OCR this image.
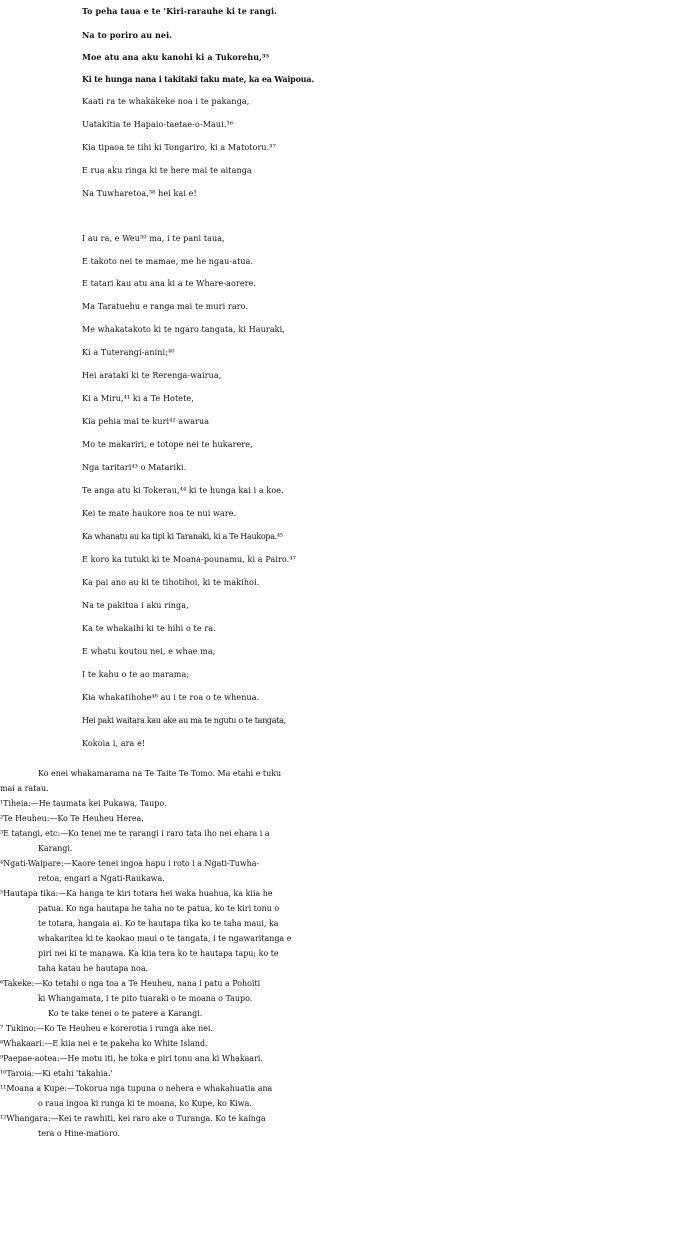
To peha taua e te 'Kiri-rarauhe ki te rangi.
Na to poriro au nei.
Moe atu ana aku kanohi ki a Tukorehu,³⁵
Ki te hunga nana i takitaki taku mate, ka ea Waipoua.
Kaati ra te whakakeke noa i te pakanga,
Uatakitia te Hapaio-taetae-o-Maui.³⁶
Kia tipaoa te tihi ki Tongariro, ki a Matotoru.³⁷
E rua aku ringa ki te here mai te aitanga
Na Tuwharetoa,³⁸ hei kai e!
I au ra, e Weu³⁹ ma, i te pani taua,
E takoto nei te mamae, me he ngau-atua.
E tatari kau atu ana ki a te Whare-aorere.
Ma Taratuehu e ranga mai te muri raro.
Me whakatakoto ki te ngaro tangata, ki Hauraki,
Ki a Tuterangi-anini;⁴⁰
Hei arataki ki te Rerenga-wairua,
Ki a Miru,⁴¹ ki a Te Hotete,
Kia pehia mai te kuri⁴² awarua
Mo te makariri, e totope nei te hukarere,
Nga taritari⁴³ o Matariki.
Te anga atu ki Tokerau,⁴⁴ ki te hunga kai i a koe.
Kei te mate haukore noa te nui ware.
Ka whanatu au ka tipi ki Taranaki, ki a Te Haukopa.⁴⁵
E koro ka tutuki ki te Moana-pounamu, ki a Pairo.⁴⁷
Ka pai ano au ki te tihotihoi, ki te makihoi.
Na te pakitua i aku ringa,
Ka te whakaihi ki te hihi o te ra.
E whatu koutou nei, e whae ma,
I te kahu o te ao marama;
Kia whakatihohe⁴⁸ au i te roa o te whenua.
Hei paki waitara kau ake au ma te ngutu o te tangata,
Kokoia i, ara e!
Ko enei whakamarama na Te Taite Te Tomo. Ma etahi e tuku
mai a ratau.
¹Tiheia:—He taumata kei Pukawa, Taupo.
²Te Heuheu:—Ko Te Heuheu Herea.
³E tatangi, etc:—Ko tenei me te rarangi i raro tata iho nei ehara i a
Karangi.
⁴Ngati-Waipare:—Kaore tenei ingoa hapu i roto i a Ngati-Tuwha-
retoa, engari a Ngati-Raukawa.
⁵Hautapa tika:—Ka hanga te kiri totara hei waka huahua, ka kiia he
patua. Ko nga hautapa he taha no te patua, ko te kiri tonu o
te totara, hangaia ai. Ko te hautapa tika ko te taha maui, ka
whakaritea ki te kaokao maui o te tangata, i te ngawaritanga e
piri nei ki te manawa. Ka kiia tera ko te hautapa tapu; ko te
taha katau he hautapa noa.
⁶Takeke:—Ko tetahi o nga toa a Te Heuheu, nana i patu a Pohoiti
ki Whangamata, i te pito tuaraki o te moana o Taupo.
Ko te take tenei o te patere a Karangi.
⁷ Tukino:—Ko Te Heuheu e korerotia i runga ake nei.
⁸Whakaari:—E kiia nei e te pakeha ko White Island.
⁹Paepae-aotea:—He motu iti, he toka e piri tonu ana ki Whakaari.
¹⁰Taroia:—Ki etahi 'takahia.'
¹¹Moana a Kupe:—Tokorua nga tupuna o nehera e whakahuatia ana
o raua ingoa ki runga ki te moana, ko Kupe, ko Kiwa.
¹²Whangara:—Kei te rawhiti, kei raro ake o Turanga. Ko te kainga
tera o Hine-matioro.
